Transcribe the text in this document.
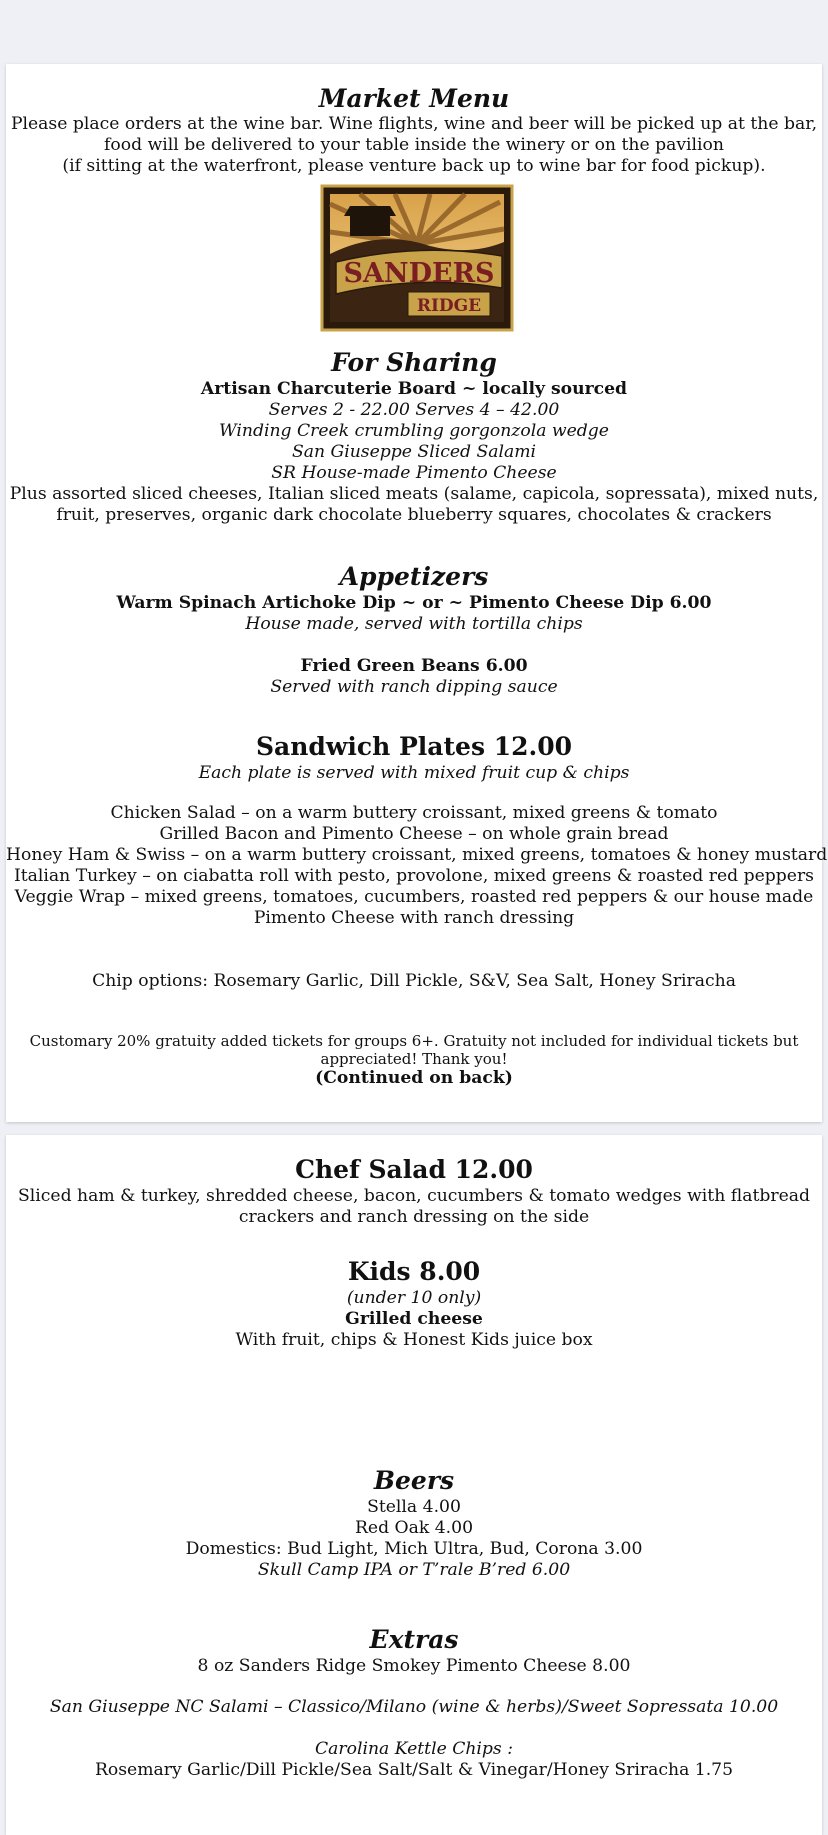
Market Menu
Please place orders at the wine bar. Wine flights, wine and beer will be picked up at the bar,
food will be delivered to your table inside the winery or on the pavilion
(if sitting at the waterfront, please venture back up to wine bar for food pickup).
SANDERS
RIDGE
For Sharing
Artisan Charcuterie Board ~ locally sourced
Serves 2 - 22.00 Serves 4 – 42.00
Winding Creek crumbling gorgonzola wedge
San Giuseppe Sliced Salami
SR House-made Pimento Cheese
Plus assorted sliced cheeses, Italian sliced meats (salame, capicola, sopressata), mixed nuts,
fruit, preserves, organic dark chocolate blueberry squares, chocolates & crackers
Appetizers
Warm Spinach Artichoke Dip ~ or ~ Pimento Cheese Dip 6.00
House made, served with tortilla chips
Fried Green Beans 6.00
Served with ranch dipping sauce
Sandwich Plates 12.00
Each plate is served with mixed fruit cup & chips
Chicken Salad – on a warm buttery croissant, mixed greens & tomato
Grilled Bacon and Pimento Cheese – on whole grain bread
Honey Ham & Swiss – on a warm buttery croissant, mixed greens, tomatoes & honey mustard
Italian Turkey – on ciabatta roll with pesto, provolone, mixed greens & roasted red peppers
Veggie Wrap – mixed greens, tomatoes, cucumbers, roasted red peppers & our house made
Pimento Cheese with ranch dressing
Chip options: Rosemary Garlic, Dill Pickle, S&V, Sea Salt, Honey Sriracha
Customary 20% gratuity added tickets for groups 6+. Gratuity not included for individual tickets but
appreciated! Thank you!
(Continued on back)
Chef Salad 12.00
Sliced ham & turkey, shredded cheese, bacon, cucumbers & tomato wedges with flatbread
crackers and ranch dressing on the side
Kids 8.00
(under 10 only)
Grilled cheese
With fruit, chips & Honest Kids juice box
Beers
Stella 4.00
Red Oak 4.00
Domestics: Bud Light, Mich Ultra, Bud, Corona 3.00
Skull Camp IPA or T’rale B’red 6.00
Extras
8 oz Sanders Ridge Smokey Pimento Cheese 8.00
San Giuseppe NC Salami – Classico/Milano (wine & herbs)/Sweet Sopressata 10.00
Carolina Kettle Chips :
Rosemary Garlic/Dill Pickle/Sea Salt/Salt & Vinegar/Honey Sriracha 1.75
